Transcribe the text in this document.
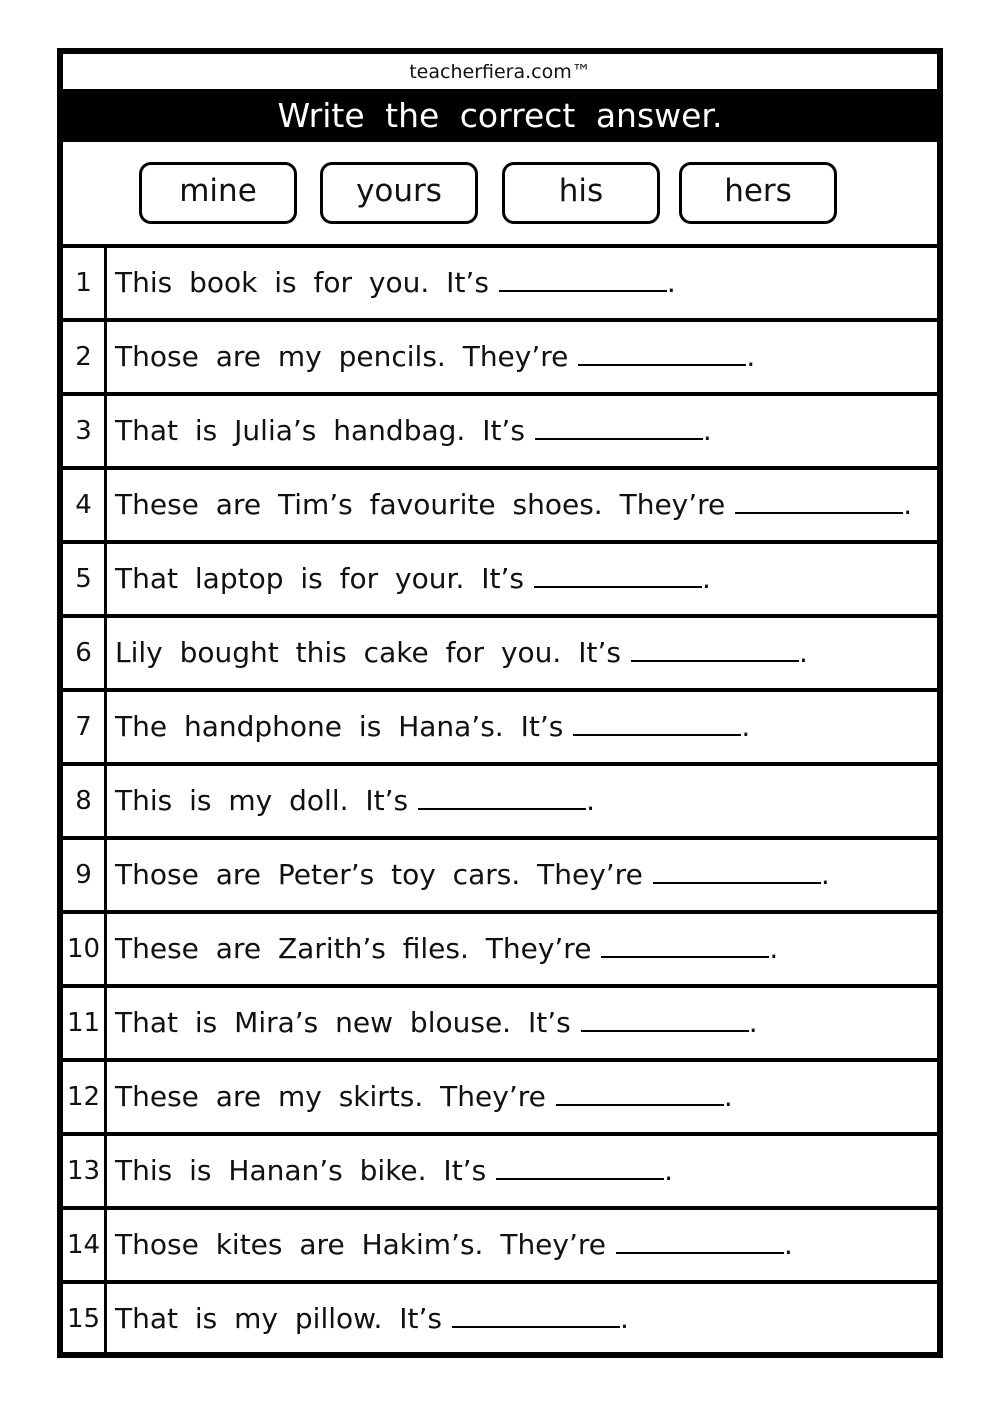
teacherfiera.com™
Write the correct answer.
mine	yours	his	hers
1 This book is for you. It’s	.
2 Those are my pencils. They’re	.
3 That is Julia’s handbag. It’s	.
4 These are Tim’s favourite shoes. They’re	.
5 That laptop is for your. It’s	.
6 Lily bought this cake for you. It’s	.
7 The handphone is Hana’s. It’s	.
8 This is my doll. It’s	.
9 Those are Peter’s toy cars. They’re	.
10 These are Zarith’s files. They’re	.
11 That is Mira’s new blouse. It’s	.
12 These are my skirts. They’re	.
13 This is Hanan’s bike. It’s	.
14 Those kites are Hakim’s. They’re	.
15 That is my pillow. It’s	.
